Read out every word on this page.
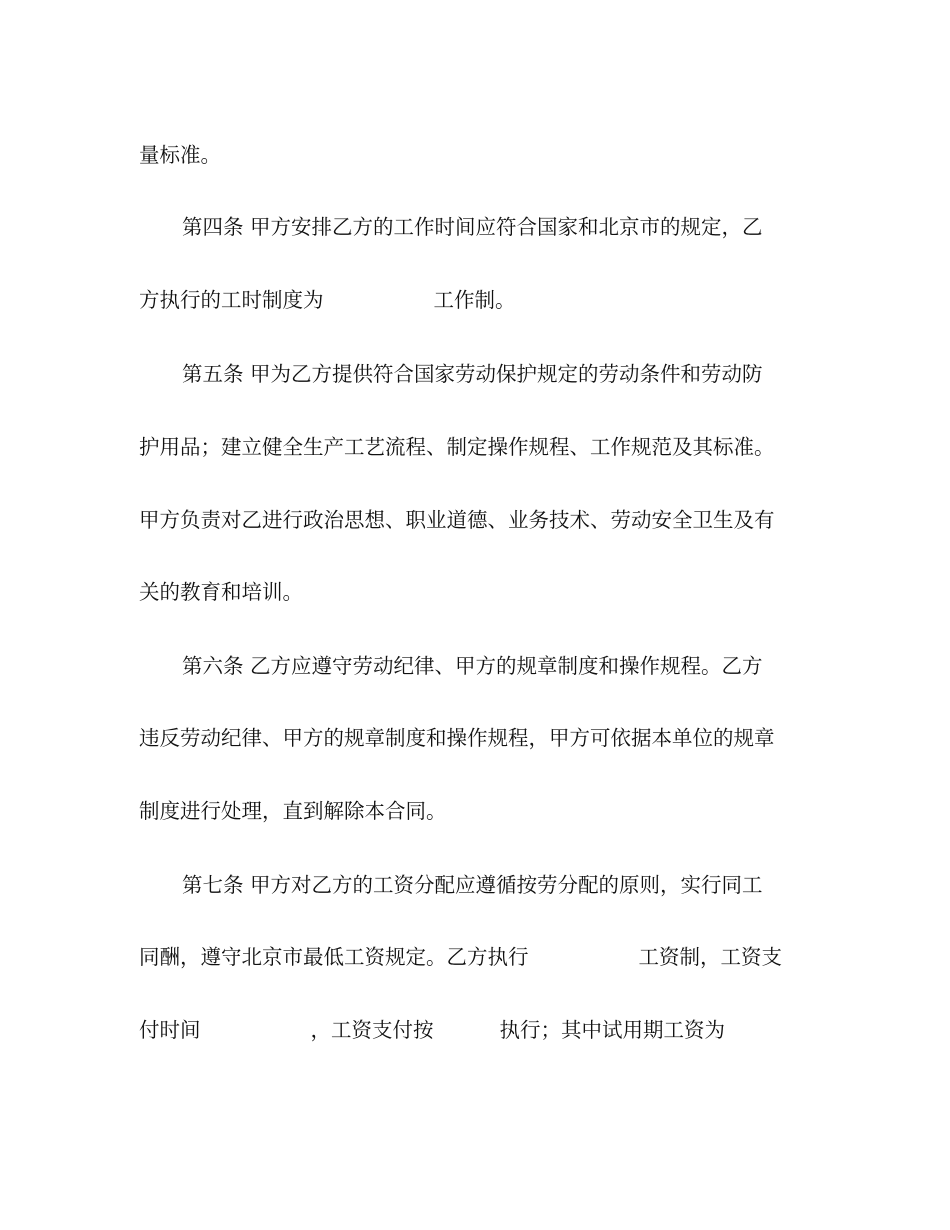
量标准。
第四条 甲方安排乙方的工作时间应符合国家和北京市的规定，乙
方执行的工时制度为	工作制。
第五条 甲为乙方提供符合国家劳动保护规定的劳动条件和劳动防
护用品；建立健全生产工艺流程、制定操作规程、工作规范及其标准。
甲方负责对乙进行政治思想、职业道德、业务技术、劳动安全卫生及有
关的教育和培训。
第六条 乙方应遵守劳动纪律、甲方的规章制度和操作规程。乙方
违反劳动纪律、甲方的规章制度和操作规程，甲方可依据本单位的规章
制度进行处理，直到解除本合同。
第七条 甲方对乙方的工资分配应遵循按劳分配的原则，实行同工
同酬，遵守北京市最低工资规定。乙方执行	工资制，工资支
付时间	，工资支付按	执行；其中试用期工资为
